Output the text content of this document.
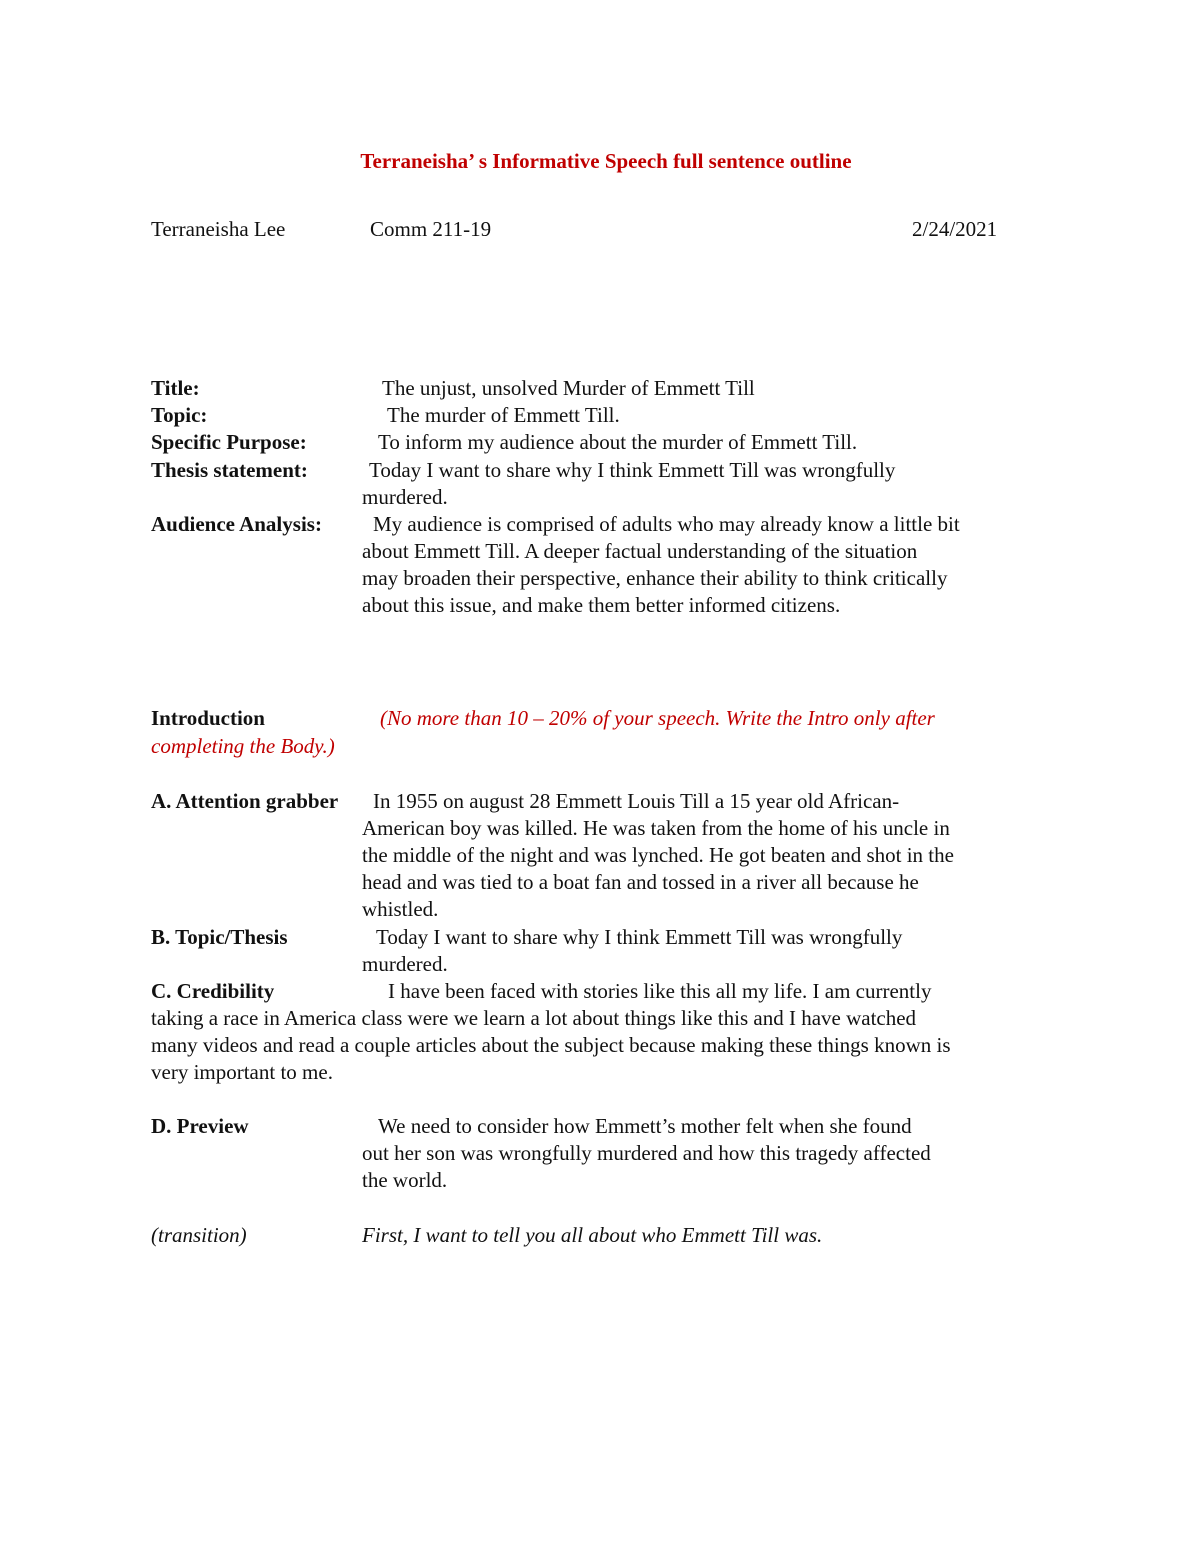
Terraneisha’ s Informative Speech full sentence outline
Terraneisha Lee	Comm 211-19	2/24/2021
Title:	The unjust, unsolved Murder of Emmett Till
Topic:	The murder of Emmett Till.
Specific Purpose:	To inform my audience about the murder of Emmett Till.
Thesis statement:	Today I want to share why I think Emmett Till was wrongfully
murdered.
Audience Analysis: My audience is comprised of adults who may already know a little bit
about Emmett Till. A deeper factual understanding of the situation
may broaden their perspective, enhance their ability to think critically
about this issue, and make them better informed citizens.
Introduction	(No more than 10 – 20% of your speech. Write the Intro only after
completing the Body.)
A. Attention grabber In 1955 on august 28 Emmett Louis Till a 15 year old African-
American boy was killed. He was taken from the home of his uncle in
the middle of the night and was lynched. He got beaten and shot in the
head and was tied to a boat fan and tossed in a river all because he
whistled.
B. Topic/Thesis	Today I want to share why I think Emmett Till was wrongfully
murdered.
C. Credibility	I have been faced with stories like this all my life. I am currently
taking a race in America class were we learn a lot about things like this and I have watched
many videos and read a couple articles about the subject because making these things known is
very important to me.
D. Preview	We need to consider how Emmett’s mother felt when she found
out her son was wrongfully murdered and how this tragedy affected
the world.
(transition)	First, I want to tell you all about who Emmett Till was.
